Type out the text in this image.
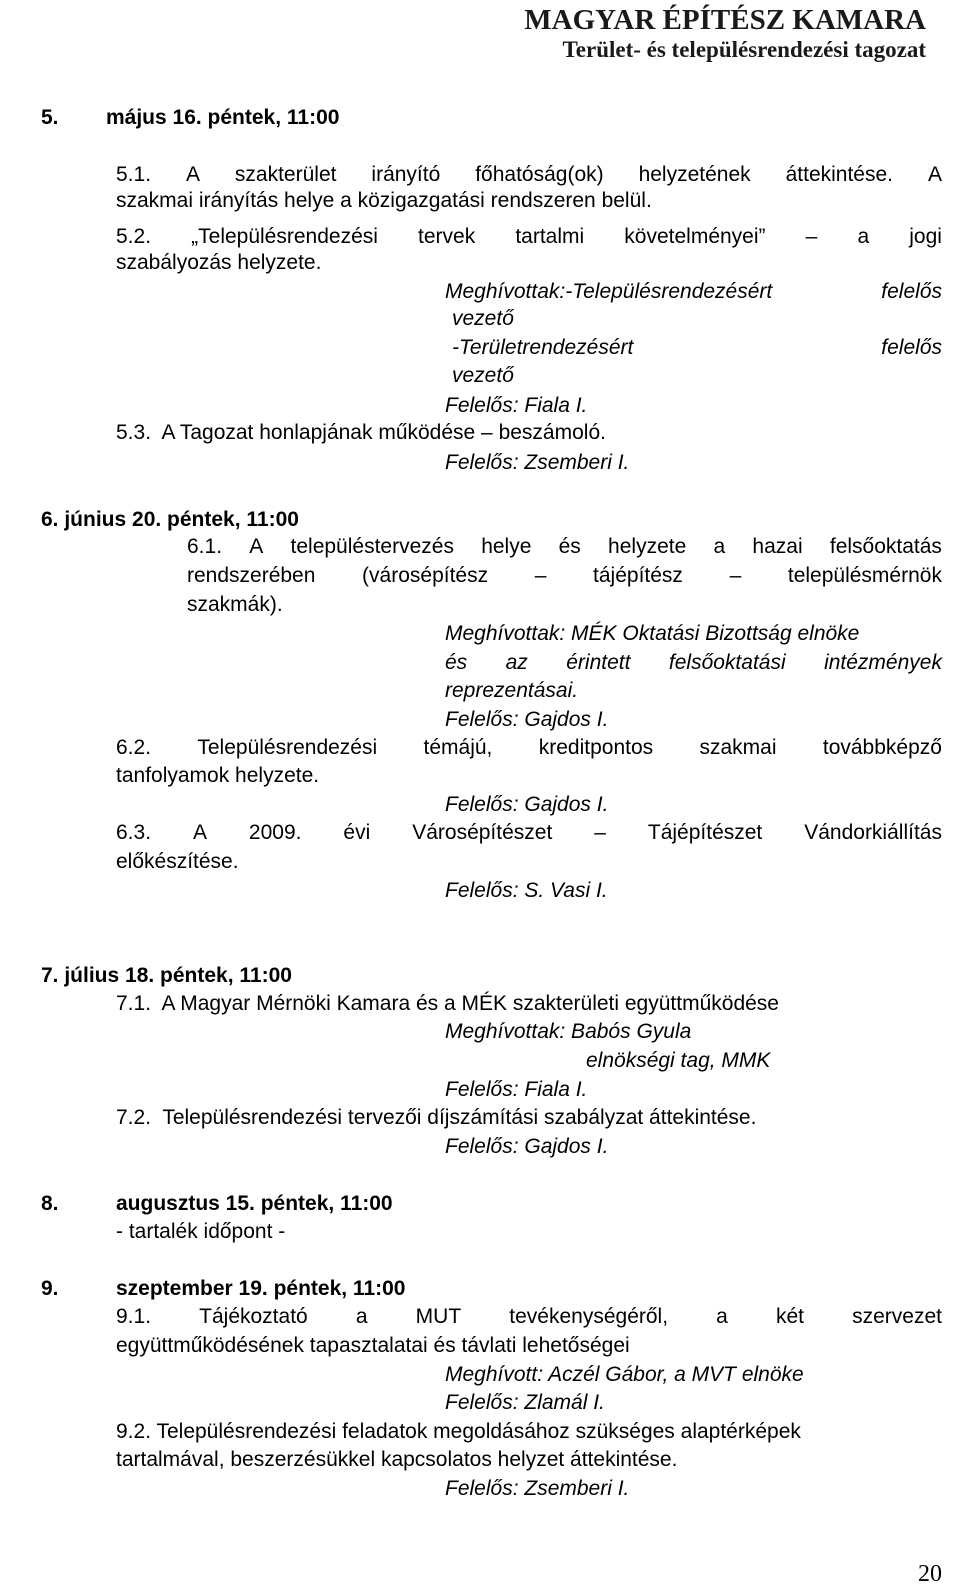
MAGYAR ÉPÍTÉSZ KAMARA
Terület- és településrendezési tagozat
5. május 16. péntek, 11:00
5.1. A szakterület irányító főhatóság(ok) helyzetének áttekintése. A
szakmai irányítás helye a közigazgatási rendszeren belül.
5.2. „Településrendezési tervek tartalmi követelményei” – a jogi
szabályozás helyzete.
Meghívottak:-Településrendezésért	felelős
vezető
-Területrendezésért	felelős
vezető
Felelős: Fiala I.
5.3.  A Tagozat honlapjának működése – beszámoló.
Felelős: Zsemberi I.
6. június 20. péntek, 11:00
6.1. A településtervezés helye és helyzete a hazai felsőoktatás
rendszerében (városépítész – tájépítész – településmérnök
szakmák).
Meghívottak: MÉK Oktatási Bizottság elnöke
és az érintett felsőoktatási intézmények
reprezentásai.
Felelős: Gajdos I.
6.2. Településrendezési témájú, kreditpontos szakmai továbbképző
tanfolyamok helyzete.
Felelős: Gajdos I.
6.3. A 2009. évi Városépítészet – Tájépítészet Vándorkiállítás
előkészítése.
Felelős: S. Vasi I.
7. július 18. péntek, 11:00
7.1.  A Magyar Mérnöki Kamara és a MÉK szakterületi együttműködése
Meghívottak: Babós Gyula
elnökségi tag, MMK
Felelős: Fiala I.
7.2.  Településrendezési tervezői díjszámítási szabályzat áttekintése.
Felelős: Gajdos I.
8.	augusztus 15. péntek, 11:00
- tartalék időpont -
9.	szeptember 19. péntek, 11:00
9.1. Tájékoztató a MUT tevékenységéről, a két szervezet
együttműködésének tapasztalatai és távlati lehetőségei
Meghívott: Aczél Gábor, a MVT elnöke
Felelős: Zlamál I.
9.2. Településrendezési feladatok megoldásához szükséges alaptérképek
tartalmával, beszerzésükkel kapcsolatos helyzet áttekintése.
Felelős: Zsemberi I.
20
